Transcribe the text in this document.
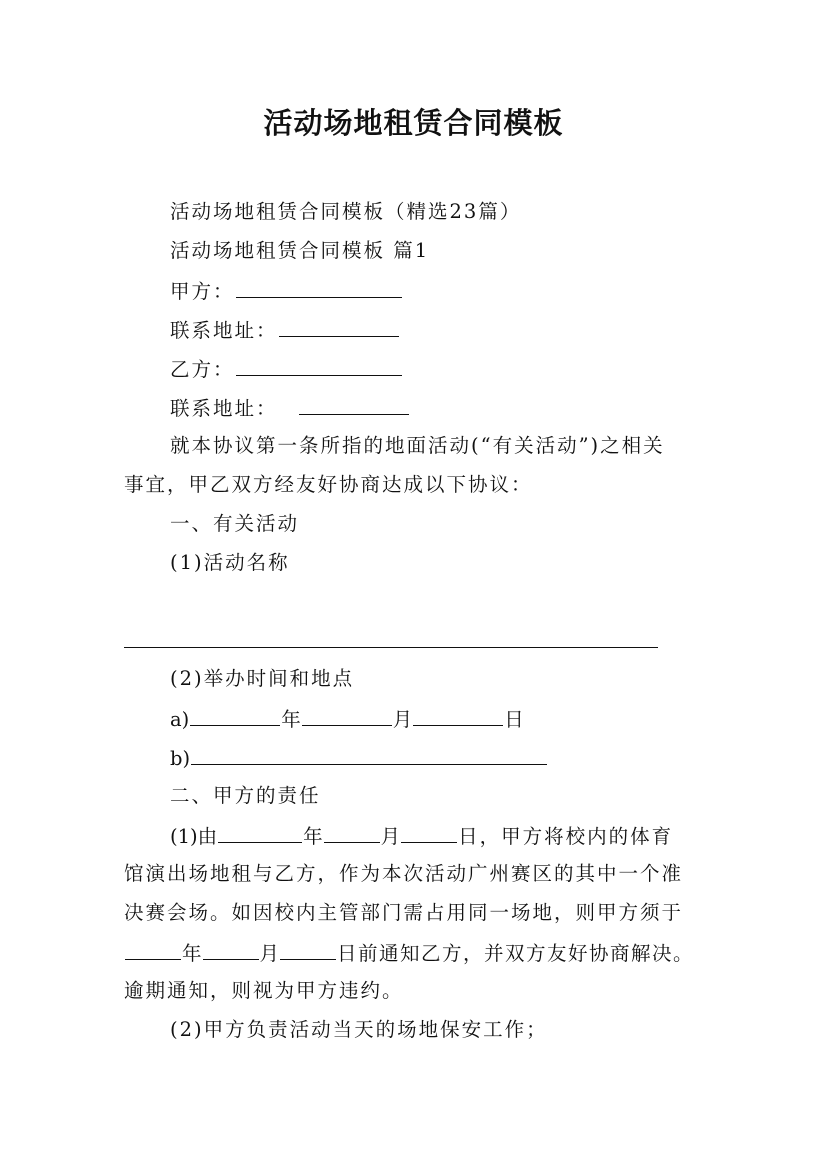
活动场地租赁合同模板
活动场地租赁合同模板（精选23篇）
活动场地租赁合同模板 篇1
甲方：
联系地址：
乙方：
联系地址：
就本协议第一条所指的地面活动(“有关活动”)之相关
事宜，甲乙双方经友好协商达成以下协议：
一、有关活动
(1)活动名称
(2)举办时间和地点
a)	年	月	日
b)
二、甲方的责任
(1)由	年	月	日，甲方将校内的体育
馆演出场地租与乙方，作为本次活动广州赛区的其中一个准
决赛会场。如因校内主管部门需占用同一场地，则甲方须于
年	月	日前通知乙方，并双方友好协商解决。
逾期通知，则视为甲方违约。
(2)甲方负责活动当天的场地保安工作；
